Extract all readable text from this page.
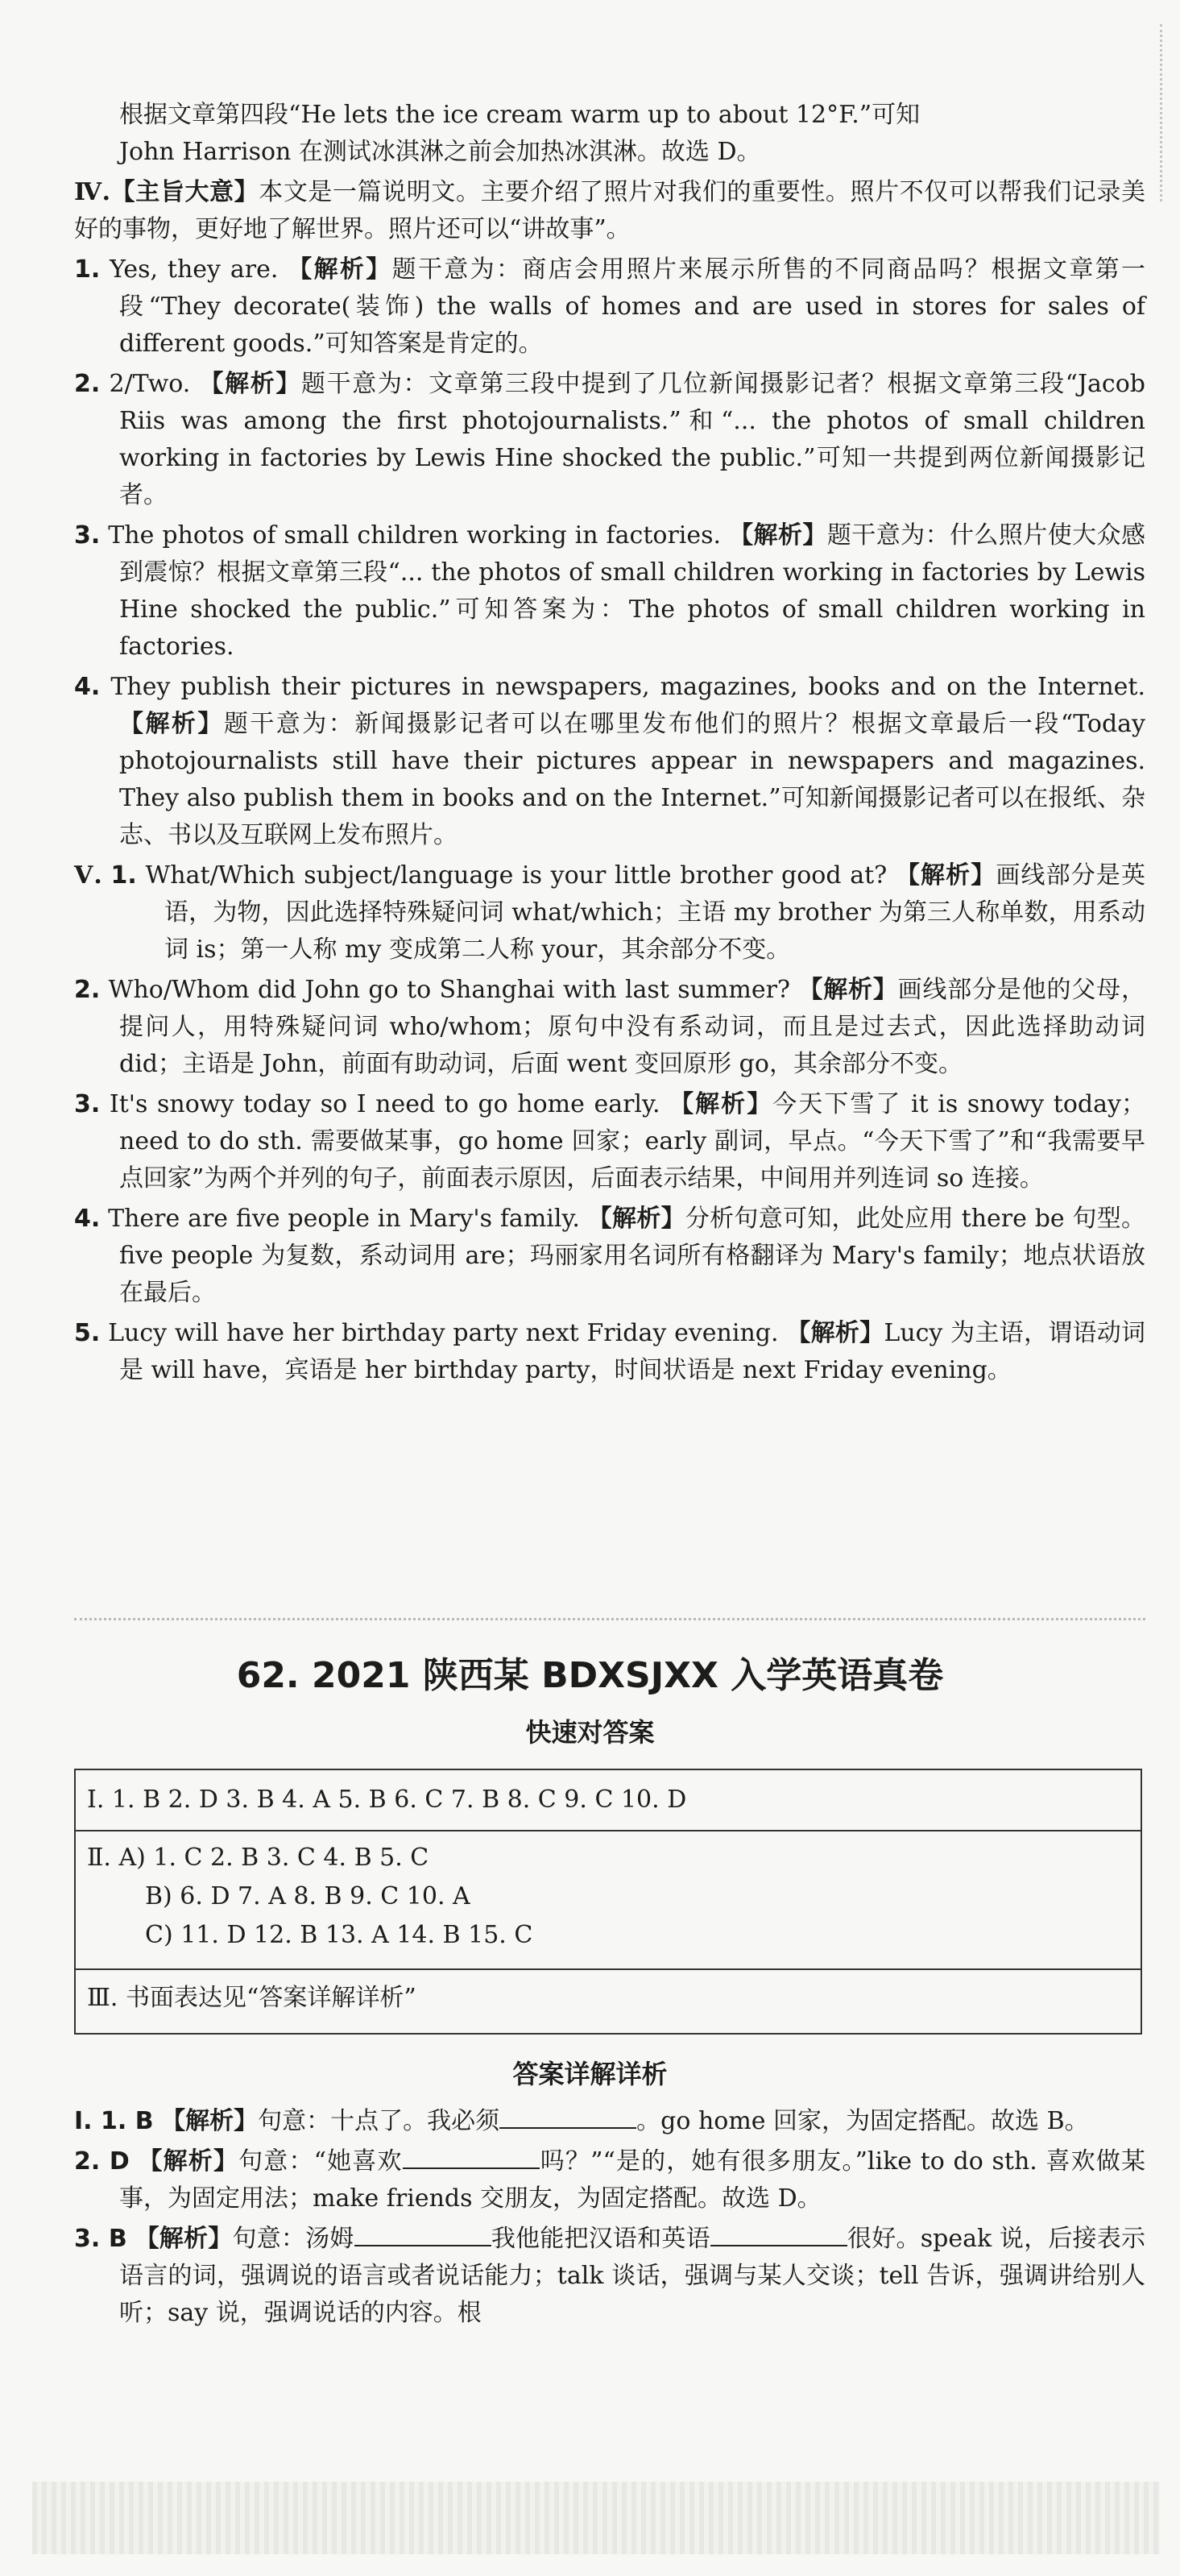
根据文章第四段“He lets the ice cream warm up to about 12°F.”可知
John Harrison 在测试冰淇淋之前会加热冰淇淋。故选 D。

Ⅳ.【主旨大意】本文是一篇说明文。主要介绍了照片对我们的重要性。照片不仅可以帮我们记录美好的事物，更好地了解世界。照片还可以“讲故事”。

1. Yes, they are. 【解析】题干意为：商店会用照片来展示所售的不同商品吗？根据文章第一段“They decorate(装饰) the walls of homes and are used in stores for sales of different goods.”可知答案是肯定的。

2. 2/Two. 【解析】题干意为：文章第三段中提到了几位新闻摄影记者？根据文章第三段“Jacob Riis was among the first photojournalists.”和“... the photos of small children working in factories by Lewis Hine shocked the public.”可知一共提到两位新闻摄影记者。

3. The photos of small children working in factories. 【解析】题干意为：什么照片使大众感到震惊？根据文章第三段“... the photos of small children working in factories by Lewis Hine shocked the public.”可知答案为：The photos of small children working in factories.

4. They publish their pictures in newspapers, magazines, books and on the Internet. 【解析】题干意为：新闻摄影记者可以在哪里发布他们的照片？根据文章最后一段“Today photojournalists still have their pictures appear in newspapers and magazines. They also publish them in books and on the Internet.”可知新闻摄影记者可以在报纸、杂志、书以及互联网上发布照片。

Ⅴ. 1. What/Which subject/language is your little brother good at? 【解析】画线部分是英语，为物，因此选择特殊疑问词 what/which；主语 my brother 为第三人称单数，用系动词 is；第一人称 my 变成第二人称 your，其余部分不变。

2. Who/Whom did John go to Shanghai with last summer? 【解析】画线部分是他的父母，提问人，用特殊疑问词 who/whom；原句中没有系动词，而且是过去式，因此选择助动词 did；主语是 John，前面有助动词，后面 went 变回原形 go，其余部分不变。

3. It's snowy today so I need to go home early. 【解析】今天下雪了 it is snowy today；need to do sth. 需要做某事，go home 回家；early 副词，早点。“今天下雪了”和“我需要早点回家”为两个并列的句子，前面表示原因，后面表示结果，中间用并列连词 so 连接。

4. There are five people in Mary's family. 【解析】分析句意可知，此处应用 there be 句型。five people 为复数，系动词用 are；玛丽家用名词所有格翻译为 Mary's family；地点状语放在最后。

5. Lucy will have her birthday party next Friday evening. 【解析】Lucy 为主语，谓语动词是 will have，宾语是 her birthday party，时间状语是 next Friday evening。

62. 2021 陕西某 BDXSJXX 入学英语真卷
快速对答案
Ⅰ. 1. B 2. D 3. B 4. A 5. B 6. C 7. B 8. C 9. C 10. D
Ⅱ. A) 1. C 2. B 3. C 4. B 5. C
B) 6. D 7. A 8. B 9. C 10. A
C) 11. D 12. B 13. A 14. B 15. C
Ⅲ. 书面表达见“答案详解详析”
答案详解详析

Ⅰ. 1. B 【解析】句意：十点了。我必须	。go home 回家，为固定搭配。故选 B。

2. D 【解析】句意：“她喜欢	吗？”“是的，她有很多朋友。”like to do sth. 喜欢做某事，为固定用法；make friends 交朋友，为固定搭配。故选 D。

3. B 【解析】句意：汤姆	我他能把汉语和英语	很好。speak 说，后接表示语言的词，强调说的语言或者说话能力；talk 谈话，强调与某人交谈；tell 告诉，强调讲给别人听；say 说，强调说话的内容。根
